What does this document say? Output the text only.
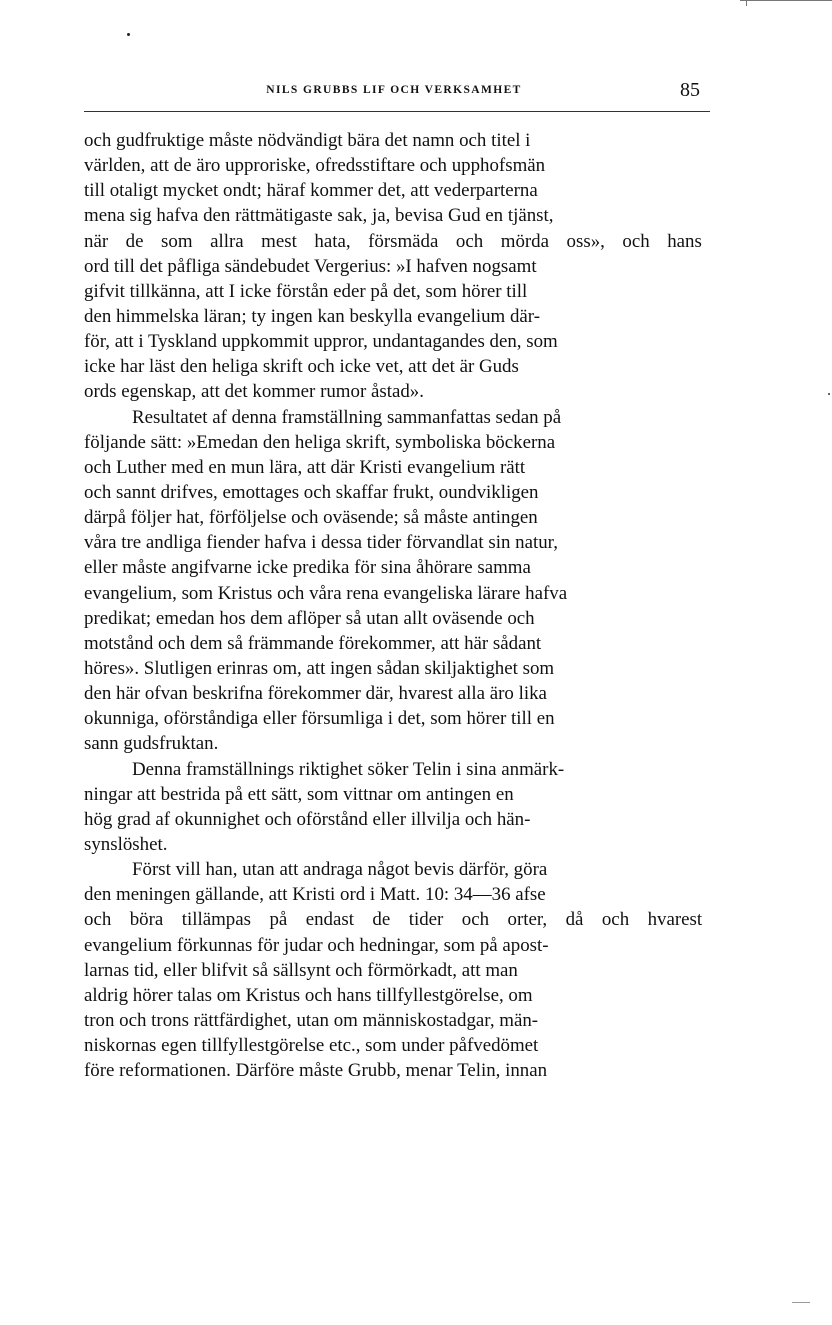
NILS GRUBBS LIF OCH VERKSAMHET	85
och gudfruktige måste nödvändigt bära det namn och titel i
världen, att de äro upproriske, ofredsstiftare och upphofsmän
till otaligt mycket ondt; häraf kommer det, att vederparterna
mena sig hafva den rättmätigaste sak, ja, bevisa Gud en tjänst,
när de som allra mest hata, försmäda och mörda oss», och hans
ord till det påfliga sändebudet Vergerius: »I hafven nogsamt
gifvit tillkänna, att I icke förstån eder på det, som hörer till
den himmelska läran; ty ingen kan beskylla evangelium där-
för, att i Tyskland uppkommit uppror, undantagandes den, som
icke har läst den heliga skrift och icke vet, att det är Guds
ords egenskap, att det kommer rumor åstad».
Resultatet af denna framställning sammanfattas sedan på
följande sätt: »Emedan den heliga skrift, symboliska böckerna
och Luther med en mun lära, att där Kristi evangelium rätt
och sannt drifves, emottages och skaffar frukt, oundvikligen
därpå följer hat, förföljelse och oväsende; så måste antingen
våra tre andliga fiender hafva i dessa tider förvandlat sin natur,
eller måste angifvarne icke predika för sina åhörare samma
evangelium, som Kristus och våra rena evangeliska lärare hafva
predikat; emedan hos dem aflöper så utan allt oväsende och
motstånd och dem så främmande förekommer, att här sådant
höres». Slutligen erinras om, att ingen sådan skiljaktighet som
den här ofvan beskrifna förekommer där, hvarest alla äro lika
okunniga, oförståndiga eller försumliga i det, som hörer till en
sann gudsfruktan.
Denna framställnings riktighet söker Telin i sina anmärk-
ningar att bestrida på ett sätt, som vittnar om antingen en
hög grad af okunnighet och oförstånd eller illvilja och hän-
synslöshet.
Först vill han, utan att andraga något bevis därför, göra
den meningen gällande, att Kristi ord i Matt. 10: 34—36 afse
och böra tillämpas på endast de tider och orter, då och hvarest
evangelium förkunnas för judar och hedningar, som på apost-
larnas tid, eller blifvit så sällsynt och förmörkadt, att man
aldrig hörer talas om Kristus och hans tillfyllestgörelse, om
tron och trons rättfärdighet, utan om människostadgar, män-
niskornas egen tillfyllestgörelse etc., som under påfvedömet
före reformationen. Därföre måste Grubb, menar Telin, innan
